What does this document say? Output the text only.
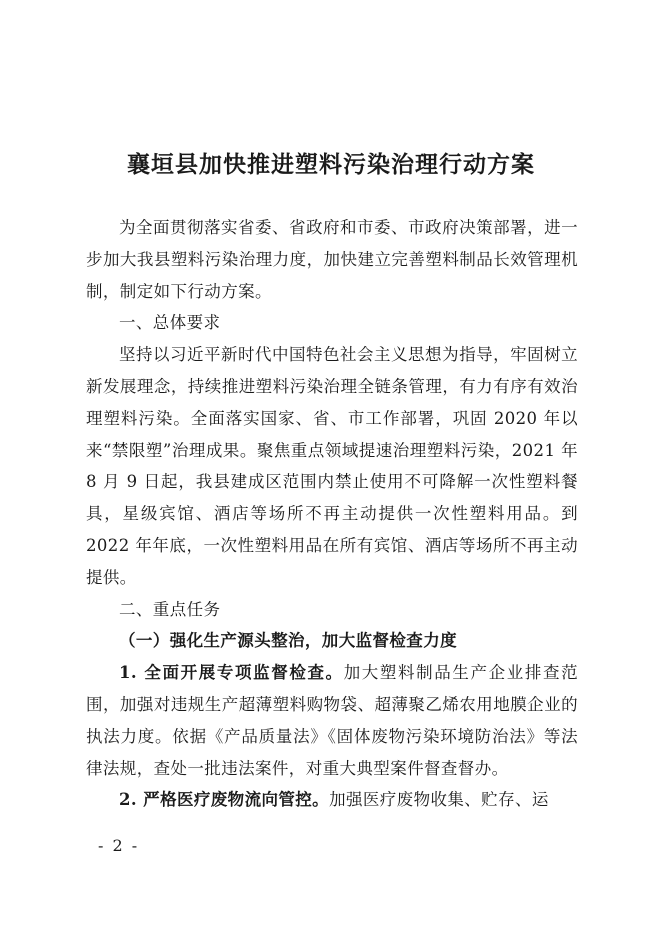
襄垣县加快推进塑料污染治理行动方案

为全面贯彻落实省委、省政府和市委、市政府决策部署，进一步加大我县塑料污染治理力度，加快建立完善塑料制品长效管理机制，制定如下行动方案。

一、总体要求

坚持以习近平新时代中国特色社会主义思想为指导，牢固树立新发展理念，持续推进塑料污染治理全链条管理，有力有序有效治理塑料污染。全面落实国家、省、市工作部署，巩固 2020 年以来“禁限塑”治理成果。聚焦重点领域提速治理塑料污染，2021 年 8 月 9 日起，我县建成区范围内禁止使用不可降解一次性塑料餐具，星级宾馆、酒店等场所不再主动提供一次性塑料用品。到 2022 年年底，一次性塑料用品在所有宾馆、酒店等场所不再主动提供。

二、重点任务

（一）强化生产源头整治，加大监督检查力度

1. 全面开展专项监督检查。加大塑料制品生产企业排查范围，加强对违规生产超薄塑料购物袋、超薄聚乙烯农用地膜企业的执法力度。依据《产品质量法》《固体废物污染环境防治法》等法律法规，查处一批违法案件，对重大典型案件督查督办。

2. 严格医疗废物流向管控。加强医疗废物收集、贮存、运

- 2 -
